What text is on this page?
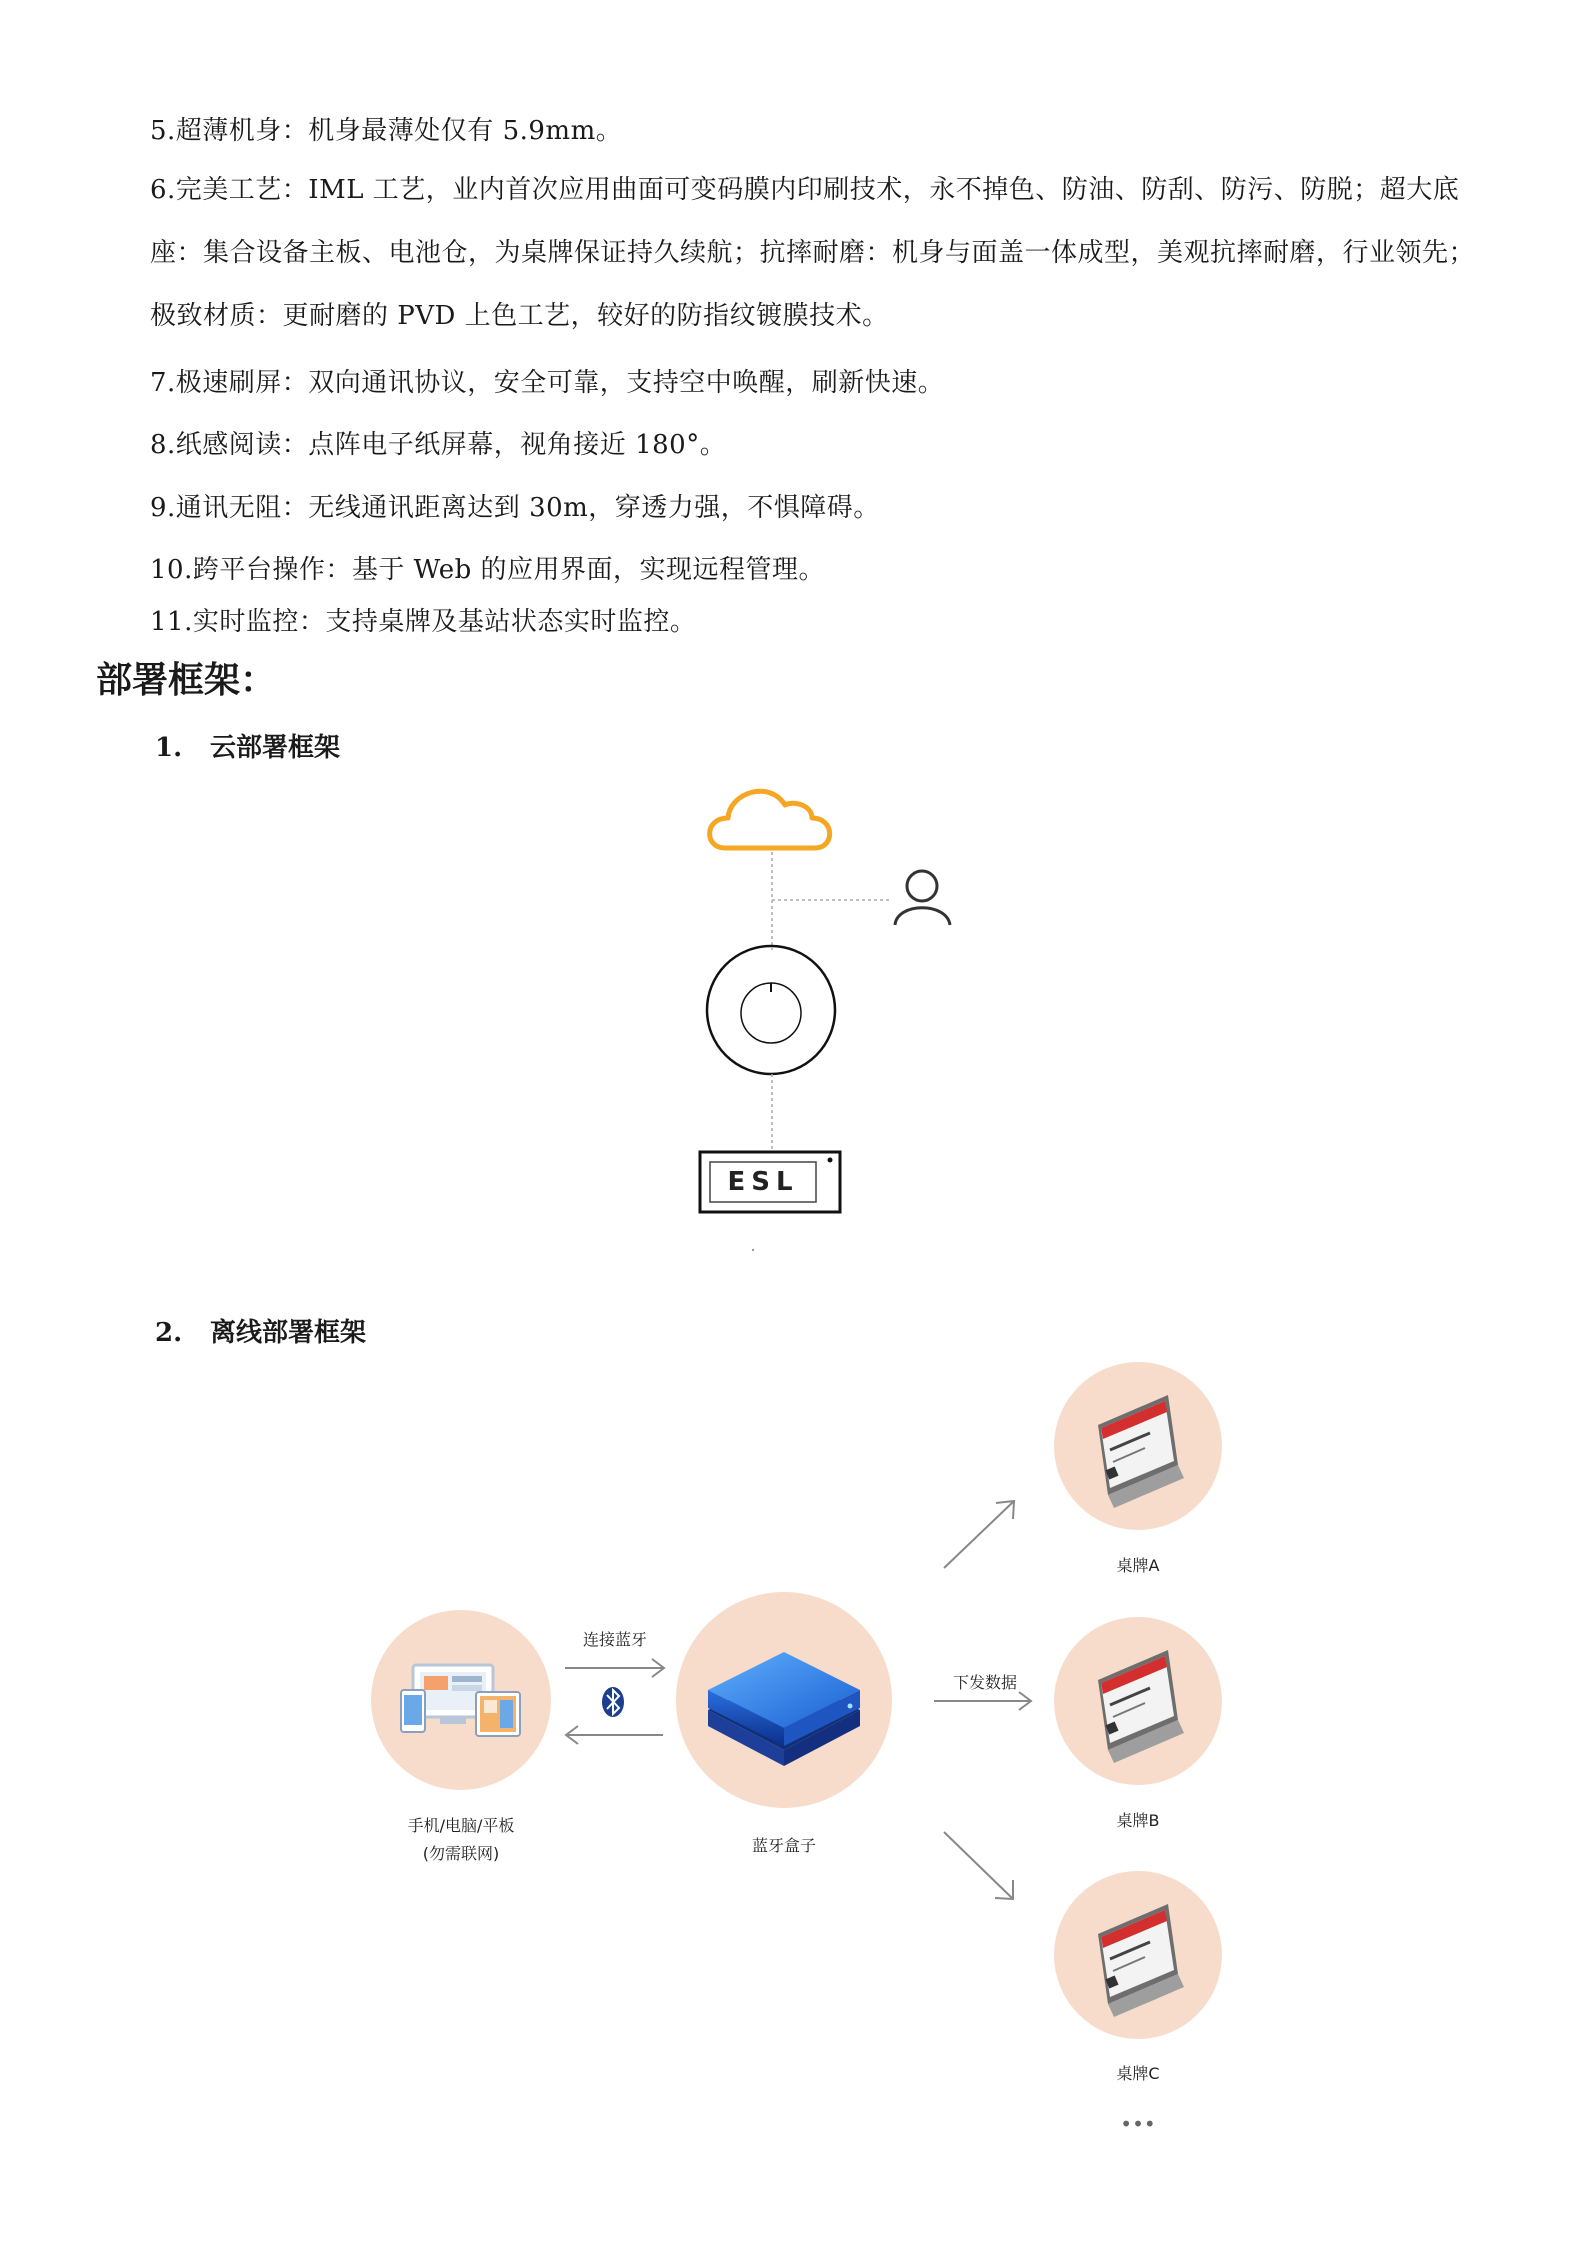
5.超薄机身：机身最薄处仅有 5.9mm。
6.完美工艺：IML 工艺，业内首次应用曲面可变码膜内印刷技术，永不掉色、防油、防刮、防污、防脱；超大底座：集合设备主板、电池仓，为桌牌保证持久续航；抗摔耐磨：机身与面盖一体成型，美观抗摔耐磨，行业领先；极致材质：更耐磨的 PVD 上色工艺，较好的防指纹镀膜技术。
7.极速刷屏：双向通讯协议，安全可靠，支持空中唤醒，刷新快速。
8.纸感阅读：点阵电子纸屏幕，视角接近 180°。
9.通讯无阻：无线通讯距离达到 30m，穿透力强，不惧障碍。
10.跨平台操作：基于 Web 的应用界面，实现远程管理。
11.实时监控：支持桌牌及基站状态实时监控。
部署框架：
1. 云部署框架
ESL
2. 离线部署框架
连接蓝牙
下发数据
手机/电脑/平板
(勿需联网)	蓝牙盒子
桌牌A
桌牌B
桌牌C
•••
